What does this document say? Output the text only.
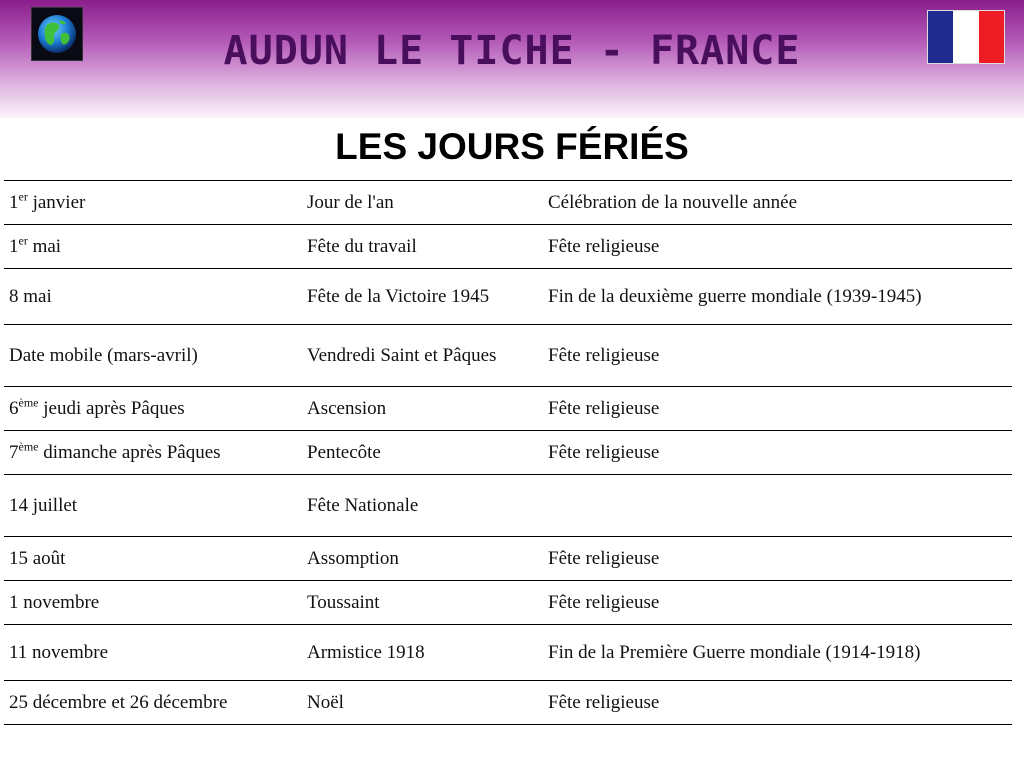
AUDUN LE TICHE - FRANCE
LES JOURS FÉRIÉS
1er janvier	Jour de l'an	Célébration de la nouvelle année
1er mai	Fête du travail	Fête religieuse
8 mai	Fête de la Victoire 1945	Fin de la deuxième guerre mondiale (1939-1945)
Date mobile (mars-avril)	Vendredi Saint et Pâques	Fête religieuse
6ème jeudi après Pâques	Ascension	Fête religieuse
7ème dimanche après Pâques	Pentecôte	Fête religieuse
14 juillet	Fête Nationale	
15 août	Assomption	Fête religieuse
1 novembre	Toussaint	Fête religieuse
11 novembre	Armistice 1918	Fin de la Première Guerre mondiale (1914-1918)
25 décembre et 26 décembre	Noël	Fête religieuse
